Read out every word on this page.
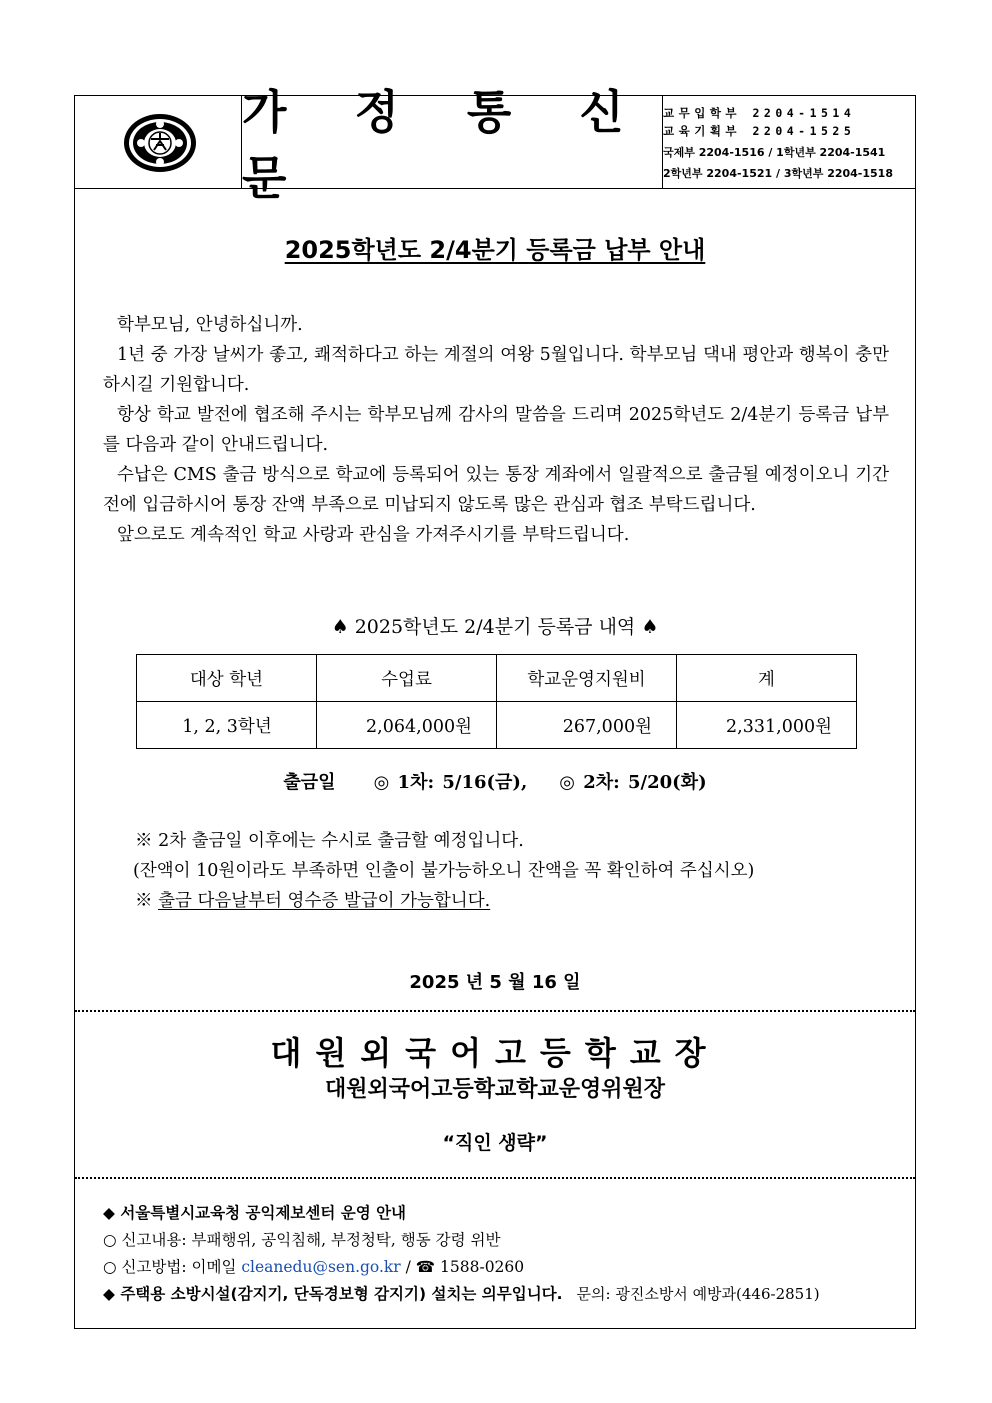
가 정 통 신 문
교무입학부 2204-1514
교육기획부 2204-1525
국제부 2204-1516 / 1학년부 2204-1541
2학년부 2204-1521 / 3학년부 2204-1518
2025학년도 2/4분기 등록금 납부 안내

학부모님, 안녕하십니까.

1년 중 가장 날씨가 좋고, 쾌적하다고 하는 계절의 여왕 5월입니다. 학부모님 댁내 평안과 행복이 충만하시길 기원합니다.

항상 학교 발전에 협조해 주시는 학부모님께 감사의 말씀을 드리며 2025학년도 2/4분기 등록금 납부를 다음과 같이 안내드립니다.

수납은 CMS 출금 방식으로 학교에 등록되어 있는 통장 계좌에서 일괄적으로 출금될 예정이오니 기간 전에 입금하시어 통장 잔액 부족으로 미납되지 않도록 많은 관심과 협조 부탁드립니다.

앞으로도 계속적인 학교 사랑과 관심을 가져주시기를 부탁드립니다.

♠ 2025학년도 2/4분기 등록금 내역 ♠
대상 학년	수업료	학교운영지원비	계
1, 2, 3학년	2,064,000원	267,000원	2,331,000원
출금일 ◎ 1차: 5/16(금), ◎ 2차: 5/20(화)
※ 2차 출금일 이후에는 수시로 출금할 예정입니다.
(잔액이 10원이라도 부족하면 인출이 불가능하오니 잔액을 꼭 확인하여 주십시오)
※ 출금 다음날부터 영수증 발급이 가능합니다.
2025 년 5 월 16 일
대원외국어고등학교장
대원외국어고등학교학교운영위원장
“직인 생략”
◆ 서울특별시교육청 공익제보센터 운영 안내
○ 신고내용: 부패행위, 공익침해, 부정청탁, 행동 강령 위반
○ 신고방법: 이메일 cleanedu@sen.go.kr / ☎ 1588-0260
◆ 주택용 소방시설(감지기, 단독경보형 감지기) 설치는 의무입니다. 문의: 광진소방서 예방과(446-2851)
